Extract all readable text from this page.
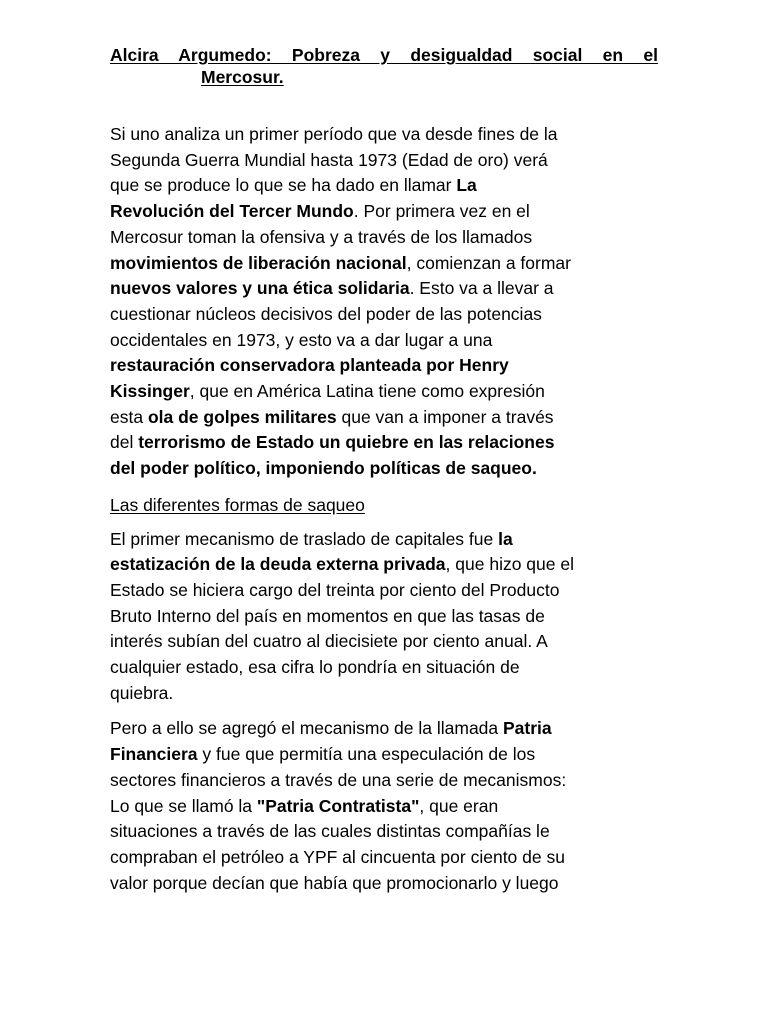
Alcira Argumedo: Pobreza y desigualdad social en el
Mercosur.

Si uno analiza un primer período que va desde fines de la
Segunda Guerra Mundial hasta 1973 (Edad de oro) verá
que se produce lo que se ha dado en llamar La
Revolución del Tercer Mundo. Por primera vez en el
Mercosur toman la ofensiva y a través de los llamados
movimientos de liberación nacional, comienzan a formar
nuevos valores y una ética solidaria. Esto va a llevar a
cuestionar núcleos decisivos del poder de las potencias
occidentales en 1973, y esto va a dar lugar a una
restauración conservadora planteada por Henry
Kissinger, que en América Latina tiene como expresión
esta ola de golpes militares que van a imponer a través
del terrorismo de Estado un quiebre en las relaciones
del poder político, imponiendo políticas de saqueo.

Las diferentes formas de saqueo

El primer mecanismo de traslado de capitales fue la
estatización de la deuda externa privada, que hizo que el
Estado se hiciera cargo del treinta por ciento del Producto
Bruto Interno del país en momentos en que las tasas de
interés subían del cuatro al diecisiete por ciento anual. A
cualquier estado, esa cifra lo pondría en situación de
quiebra.

Pero a ello se agregó el mecanismo de la llamada Patria
Financiera y fue que permitía una especulación de los
sectores financieros a través de una serie de mecanismos:
Lo que se llamó la "Patria Contratista", que eran
situaciones a través de las cuales distintas compañías le
compraban el petróleo a YPF al cincuenta por ciento de su
valor porque decían que había que promocionarlo y luego
